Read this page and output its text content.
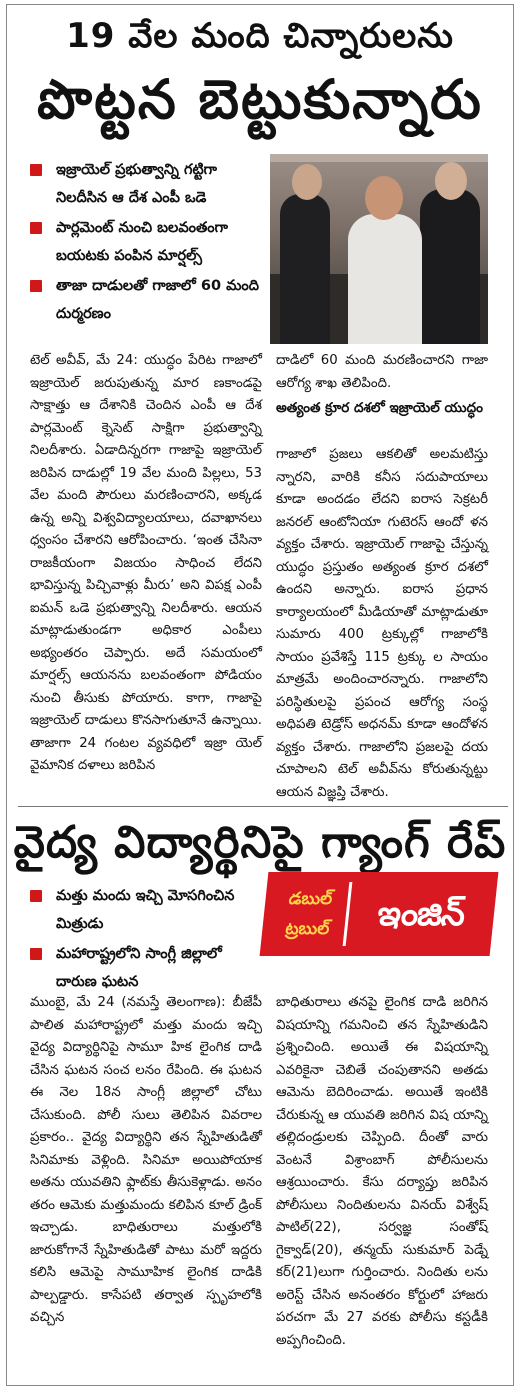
19 వేల మంది చిన్నారులను
పొట్టన బెట్టుకున్నారు
ఇజ్రాయెల్ ప్రభుత్వాన్ని గట్టిగా నిలదీసిన ఆ దేశ ఎంపీ ఒడె
పార్లమెంట్ నుంచి బలవంతంగా బయటకు పంపిన మార్షల్స్
తాజా దాడులతో గాజాలో 60 మంది దుర్మరణం

టెల్ అవీవ్, మే 24: యుద్ధం పేరిట గాజాలో ఇజ్రాయెల్ జరుపుతున్న మార ణకాండపై సాక్షాత్తు ఆ దేశానికి చెందిన ఎంపీ ఆ దేశ పార్లమెంట్ క్నెసెట్ సాక్షిగా ప్రభుత్వాన్ని నిలదీశారు. ఏడాదిన్నరగా గాజాపై ఇజ్రాయెల్ జరిపిన దాడుల్లో 19 వేల మంది పిల్లలు, 53 వేల మంది పౌరులు మరణించారని, అక్కడ ఉన్న అన్ని విశ్వవిద్యాలయాలు, దవాఖానలు ధ్వంసం చేశారని ఆరోపించారు. ‘ఇంత చేసినా రాజకీయంగా విజయం సాధించ లేదని భావిస్తున్న పిచ్చివాళ్లు మీరు’ అని విపక్ష ఎంపీ ఐమన్ ఒడె ప్రభుత్వాన్ని నిలదీశారు. ఆయన మాట్లాడుతుండగా అధికార ఎంపీలు అభ్యంతరం చెప్పారు. అదే సమయంలో మార్షల్స్ ఆయనను బలవంతంగా పోడియం నుంచి తీసుకు పోయారు. కాగా, గాజాపై ఇజ్రాయెల్ దాడులు కొనసాగుతూనే ఉన్నాయి. తాజాగా 24 గంటల వ్యవధిలో ఇజ్రా యెల్ వైమానిక దళాలు జరిపిన

దాడిలో 60 మంది మరణించారని గాజా ఆరోగ్య శాఖ తెలిపింది.

అత్యంత క్రూర దశలో ఇజ్రాయెల్ యుద్ధం

గాజాలో ప్రజలు ఆకలితో అలమటిస్తు న్నారని, వారికి కనీస సదుపాయాలు కూడా అందడం లేదని ఐరాస సెక్రటరీ జనరల్ ఆంటోనియా గుటెరస్ ఆందో ళన వ్యక్తం చేశారు. ఇజ్రాయెల్ గాజాపై చేస్తున్న యుద్ధం ప్రస్తుతం అత్యంత క్రూర దశలో ఉందని అన్నారు. ఐరాస ప్రధాన కార్యాలయంలో మీడియాతో మాట్లాడుతూ సుమారు 400 ట్రక్కుల్లో గాజాలోకి సాయం ప్రవేశిస్తే 115 ట్రక్కు ల సాయం మాత్రమే అందించారన్నారు. గాజాలోని పరిస్థితులపై ప్రపంచ ఆరోగ్య సంస్థ అధిపతి టెడ్రోస్ అధనమ్ కూడా ఆందోళన వ్యక్తం చేశారు. గాజాలోని ప్రజలపై దయ చూపాలని టెల్ అవీవ్‌ను కోరుతున్నట్టు ఆయన విజ్ఞప్తి చేశారు.

వైద్య విద్యార్థినిపై గ్యాంగ్ రేప్
మత్తు మందు ఇచ్చి మోసగించిన మిత్రుడు
మహారాష్ట్రలోని సాంగ్లీ జిల్లాలో దారుణ ఘటన
డబుల్
ట్రబుల్	ఇంజిన్

ముంబై, మే 24 (నమస్తే తెలంగాణ): బీజేపీ పాలిత మహారాష్ట్రలో మత్తు మందు ఇచ్చి వైద్య విద్యార్థినిపై సామూ హిక లైంగిక దాడి చేసిన ఘటన సంచ లనం రేపింది. ఈ ఘటన ఈ నెల 18న సాంగ్లీ జిల్లాలో చోటు చేసుకుంది. పోలీ సులు తెలిపిన వివరాల ప్రకారం.. వైద్య విద్యార్థిని తన స్నేహితుడితో సినిమాకు వెళ్లింది. సినిమా అయిపోయాక అతను యువతిని ఫ్లాట్‌కు తీసుకెళ్లాడు. అనం తరం ఆమెకు మత్తుమందు కలిపిన కూల్ డ్రింక్ ఇచ్చాడు. బాధితురాలు మత్తులోకి జారుకోగానే స్నేహితుడితో పాటు మరో ఇద్దరు కలిసి ఆమెపై సామూహిక లైంగిక దాడికి పాల్పడ్డారు. కాసేపటి తర్వాత స్పృహలోకి వచ్చిన

బాధితురాలు తనపై లైంగిక దాడి జరిగిన విషయాన్ని గమనించి తన స్నేహితుడిని ప్రశ్నించింది. అయితే ఈ విషయాన్ని ఎవరికైనా చెబితే చంపుతానని అతడు ఆమెను బెదిరించాడు. అయితే ఇంటికి చేరుకున్న ఆ యువతి జరిగిన విష యాన్ని తల్లిదండ్రులకు చెప్పింది. దీంతో వారు వెంటనే విశ్రాంబాగ్ పోలీసులను ఆశ్రయించారు. కేసు దర్యాప్తు జరిపిన పోలీసులు నిందితులను వినయ్ విశ్వేష్ పాటిల్(22), సర్వజ్ఞ సంతోష్ గైక్వాడ్(20), తన్మయ్ సుకుమార్ పెడ్నే కర్(21)లుగా గుర్తించారు. నిందితు లను అరెస్ట్ చేసిన అనంతరం కోర్టులో హాజరు పరచగా మే 27 వరకు పోలీసు కస్టడీకి అప్పగించింది.
